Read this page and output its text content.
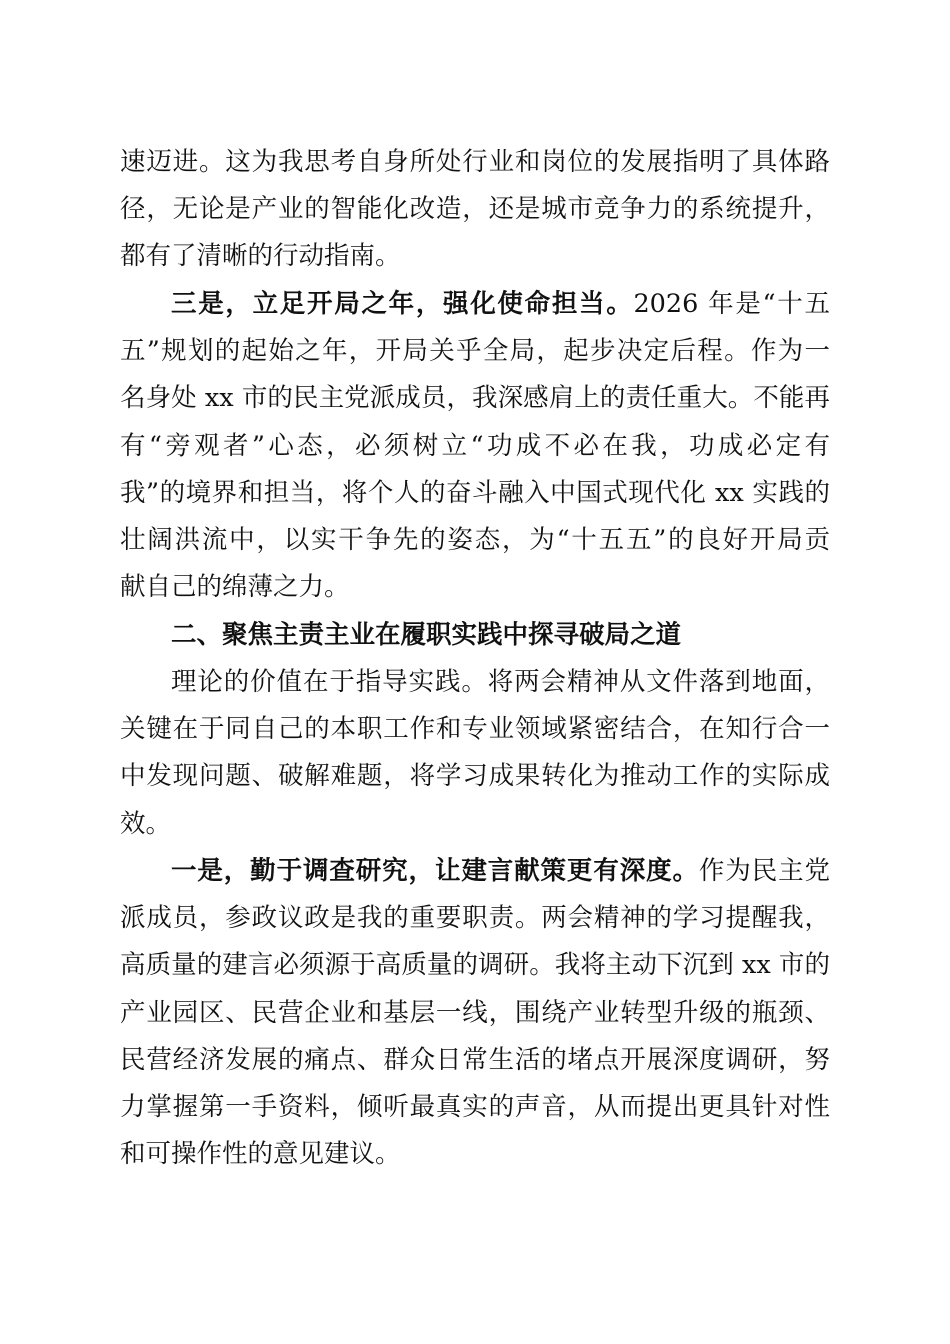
速迈进。这为我思考自身所处行业和岗位的发展指明了具体路
径，无论是产业的智能化改造，还是城市竞争力的系统提升，
都有了清晰的行动指南。
三是，立足开局之年，强化使命担当。2026 年是“十五
五”规划的起始之年，开局关乎全局，起步决定后程。作为一
名身处 xx 市的民主党派成员，我深感肩上的责任重大。不能再
有“旁观者”心态，必须树立“功成不必在我，功成必定有
我”的境界和担当，将个人的奋斗融入中国式现代化 xx 实践的
壮阔洪流中，以实干争先的姿态，为“十五五”的良好开局贡
献自己的绵薄之力。
二、聚焦主责主业在履职实践中探寻破局之道
理论的价值在于指导实践。将两会精神从文件落到地面，
关键在于同自己的本职工作和专业领域紧密结合，在知行合一
中发现问题、破解难题，将学习成果转化为推动工作的实际成
效。
一是，勤于调查研究，让建言献策更有深度。作为民主党
派成员，参政议政是我的重要职责。两会精神的学习提醒我，
高质量的建言必须源于高质量的调研。我将主动下沉到 xx 市的
产业园区、民营企业和基层一线，围绕产业转型升级的瓶颈、
民营经济发展的痛点、群众日常生活的堵点开展深度调研，努
力掌握第一手资料，倾听最真实的声音，从而提出更具针对性
和可操作性的意见建议。
